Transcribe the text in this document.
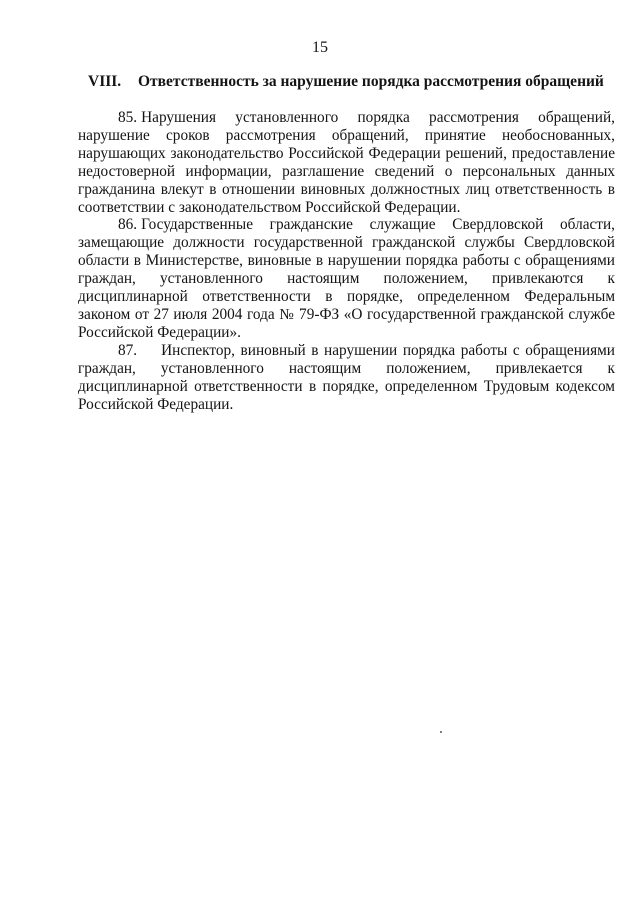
15
VIII. Ответственность за нарушение порядка рассмотрения обращений

85. Нарушения установленного порядка рассмотрения обращений, нарушение сроков рассмотрения обращений, принятие необоснованных, нарушающих законодательство Российской Федерации решений, предоставление недостоверной информации, разглашение сведений о персональных данных гражданина влекут в отношении виновных должностных лиц ответственность в соответствии с законодательством Российской Федерации.

86. Государственные гражданские служащие Свердловской области, замещающие должности государственной гражданской службы Свердловской области в Министерстве, виновные в нарушении порядка работы с обращениями граждан, установленного настоящим положением, привлекаются к дисциплинарной ответственности в порядке, определенном Федеральным законом от 27 июля 2004 года № 79-ФЗ «О государственной гражданской службе Российской Федерации».

87. Инспектор, виновный в нарушении порядка работы с обращениями граждан, установленного настоящим положением, привлекается к дисциплинарной ответственности в порядке, определенном Трудовым кодексом Российской Федерации.
